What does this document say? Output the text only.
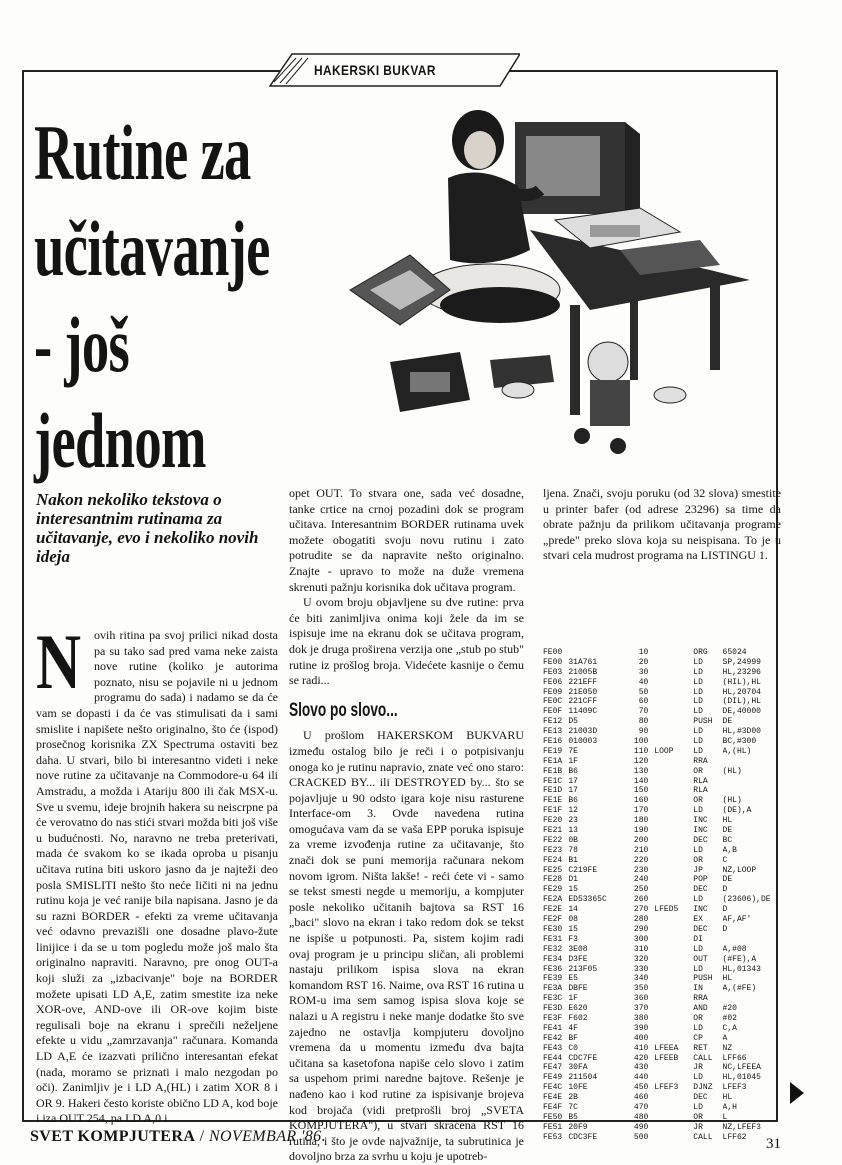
HAKERSKI BUKVAR
Rutine za
učitavanje
- još jednom
Nakon nekoliko tekstova o interesantnim rutinama za učitavanje, evo i nekoliko novih ideja
N	ovih ritina pa svoj prilici nikad dosta pa su tako sad pred vama neke zaista nove rutine (koliko je autorima poznato, nisu se pojavile ni u jednom programu do sada) i nadamo se da će vam se dopasti i da će vas stimulisati da i sami smislite i napišete nešto originalno, što će (ispod) prosečnog korisnika ZX Spectruma ostaviti bez daha. U stvari, bilo bi interesantno videti i neke nove rutine za učitavanje na Commodore-u 64 ili Amstradu, a možda i Atariju 800 ili čak MSX-u. Sve u svemu, ideje brojnih hakera su neiscrpne pa će verovatno do nas stići stvari možda biti još više u budućnosti. No, naravno ne treba preterivati, mada će svakom ko se ikada oproba u pisanju učitava rutina biti uskoro jasno da je najteži deo posla SMISLITI nešto što neće ličiti ni na jednu rutinu koja je već ranije bila napisana. Jasno je da su razni BORDER - efekti za vreme učitavanja već odavno prevazišli one dosadne plavo-žute linijice i da se u tom pogledu može još malo šta originalno napraviti. Naravno, pre onog OUT-a koji služi za „izbacivanje" boje na BORDER možete upisati LD A,E, zatim smestite iza neke XOR-ove, AND-ove ili OR-ove kojim biste regulisali boje na ekranu i sprečili neželjene efekte u vidu „zamrzavanja" računara. Komanda LD A,E će izazvati prilično interesantan efekat (nada, moramo se priznati i malo nezgodan po oči). Zanimljiv je i LD A,(HL) i zatim XOR 8 i OR 9. Hakeri često koriste obično LD A, kod boje i iza OUT 254, pa LD A,0 i

opet OUT. To stvara one, sada već dosadne, tanke crtice na crnoj pozadini dok se program učitava. Interesantnim BORDER rutinama uvek možete obogatiti svoju novu rutinu i zato potrudite se da napravite nešto originalno. Znajte - upravo to može na duže vremena skrenuti pažnju korisnika dok učitava program.

U ovom broju objavljene su dve rutine: prva će biti zanimljiva onima koji žele da im se ispisuje ime na ekranu dok se učitava program, dok je druga proširena verzija one „stub po stub" rutine iz prošlog broja. Videćete kasnije o čemu se radi...

Slovo po slovo...

U prošlom HAKERSKOM BUKVARU između ostalog bilo je reči i o potpisivanju onoga ko je rutinu napravio, znate već ono staro: CRACKED BY... ili DESTROYED by... što se pojavljuje u 90 odsto igara koje nisu rasturene Interface-om 3. Ovde navedena rutina omogućava vam da se vaša EPP poruka ispisuje za vreme izvođenja rutine za učitavanje, što znači dok se puni memorija računara nekom novom igrom. Ništa lakše! - reći ćete vi - samo se tekst smesti negde u memoriju, a kompjuter posle nekoliko učitanih bajtova sa RST 16 „baci" slovo na ekran i tako redom dok se tekst ne ispiše u potpunosti. Pa, sistem kojim radi ovaj program je u principu sličan, ali problemi nastaju prilikom ispisa slova na ekran komandom RST 16. Naime, ova RST 16 rutina u ROM-u ima sem samog ispisa slova koje se nalazi u A registru i neke manje dodatke što sve zajedno ne ostavlja kompjuteru dovoljno vremena da u momentu između dva bajta učitana sa kasetofona napiše celo slovo i zatim sa uspehom primi naredne bajtove. Rešenje je nađeno kao i kod rutine za ispisivanje brojeva kod brojača (vidi pretprošli broj „SVETA KOMPJUTERA"), u stvari skraćena RST 16 rutina, i što je ovde najvažnije, ta subrutinica je dovoljno brza za svrhu u koju je upotreb-

ljena. Znači, svoju poruku (od 32 slova) smestite u printer bafer (od adrese 23296) sa time da obrate pažnju da prilikom učitavanja programe „prede" preko slova koja su neispisana. To je u stvari cela mudrost programa na LISTINGU 1.

FE00	10	ORG	65024
FE00 31A761	20	LD	SP,24999
FE03 21005B	30	LD	HL,23296
FE06 221EFF	40	LD	(HIL),HL
FE09 21E050	50	LD	HL,20704
FE0C 221CFF	60	LD	(DIL),HL
FE0F 11409C	70	LD	DE,40000
FE12 D5	80	PUSH	DE
FE13 21003D	90	LD	HL,#3D00
FE16 010003	100	LD	BC,#300
FE19 7E	110 LOOP	LD	A,(HL)
FE1A 1F	120	RRA
FE1B B6	130	OR	(HL)
FE1C 17	140	RLA
FE1D 17	150	RLA
FE1E B6	160	OR	(HL)
FE1F 12	170	LD	(DE),A
FE20 23	180	INC	HL
FE21 13	190	INC	DE
FE22 0B	200	DEC	BC
FE23 78	210	LD	A,B
FE24 B1	220	OR	C
FE25 C219FE	230	JP	NZ,LOOP
FE28 D1	240	POP	DE
FE29 15	250	DEC	D
FE2A ED53365C	260	LD	(23606),DE
FE2E 14	270 LFED5	INC	D
FE2F 08	280	EX	AF,AF'
FE30 15	290	DEC	D
FE31 F3	300	DI
FE32 3E08	310	LD	A,#08
FE34 D3FE	320	OUT	(#FE),A
FE36 213F05	330	LD	HL,01343
FE39 E5	340	PUSH	HL
FE3A DBFE	350	IN	A,(#FE)
FE3C 1F	360	RRA
FE3D E620	370	AND	#20
FE3F F602	380	OR	#02
FE41 4F	390	LD	C,A
FE42 BF	400	CP	A
FE43 C0	410 LFEEA	RET	NZ
FE44 CDC7FE	420 LFEEB	CALL	LFF66
FE47 30FA	430	JR	NC,LFEEA
FE49 211504	440	LD	HL,01045
FE4C 10FE	450 LFEF3	DJNZ	LFEF3
FE4E 2B	460	DEC	HL
FE4F 7C	470	LD	A,H
FE50 B5	480	OR	L
FE51 20F9	490	JR	NZ,LFEF3
FE53 CDC3FE	500	CALL	LFF62
SVET KOMPJUTERA / NOVEMBAR '86.	31
